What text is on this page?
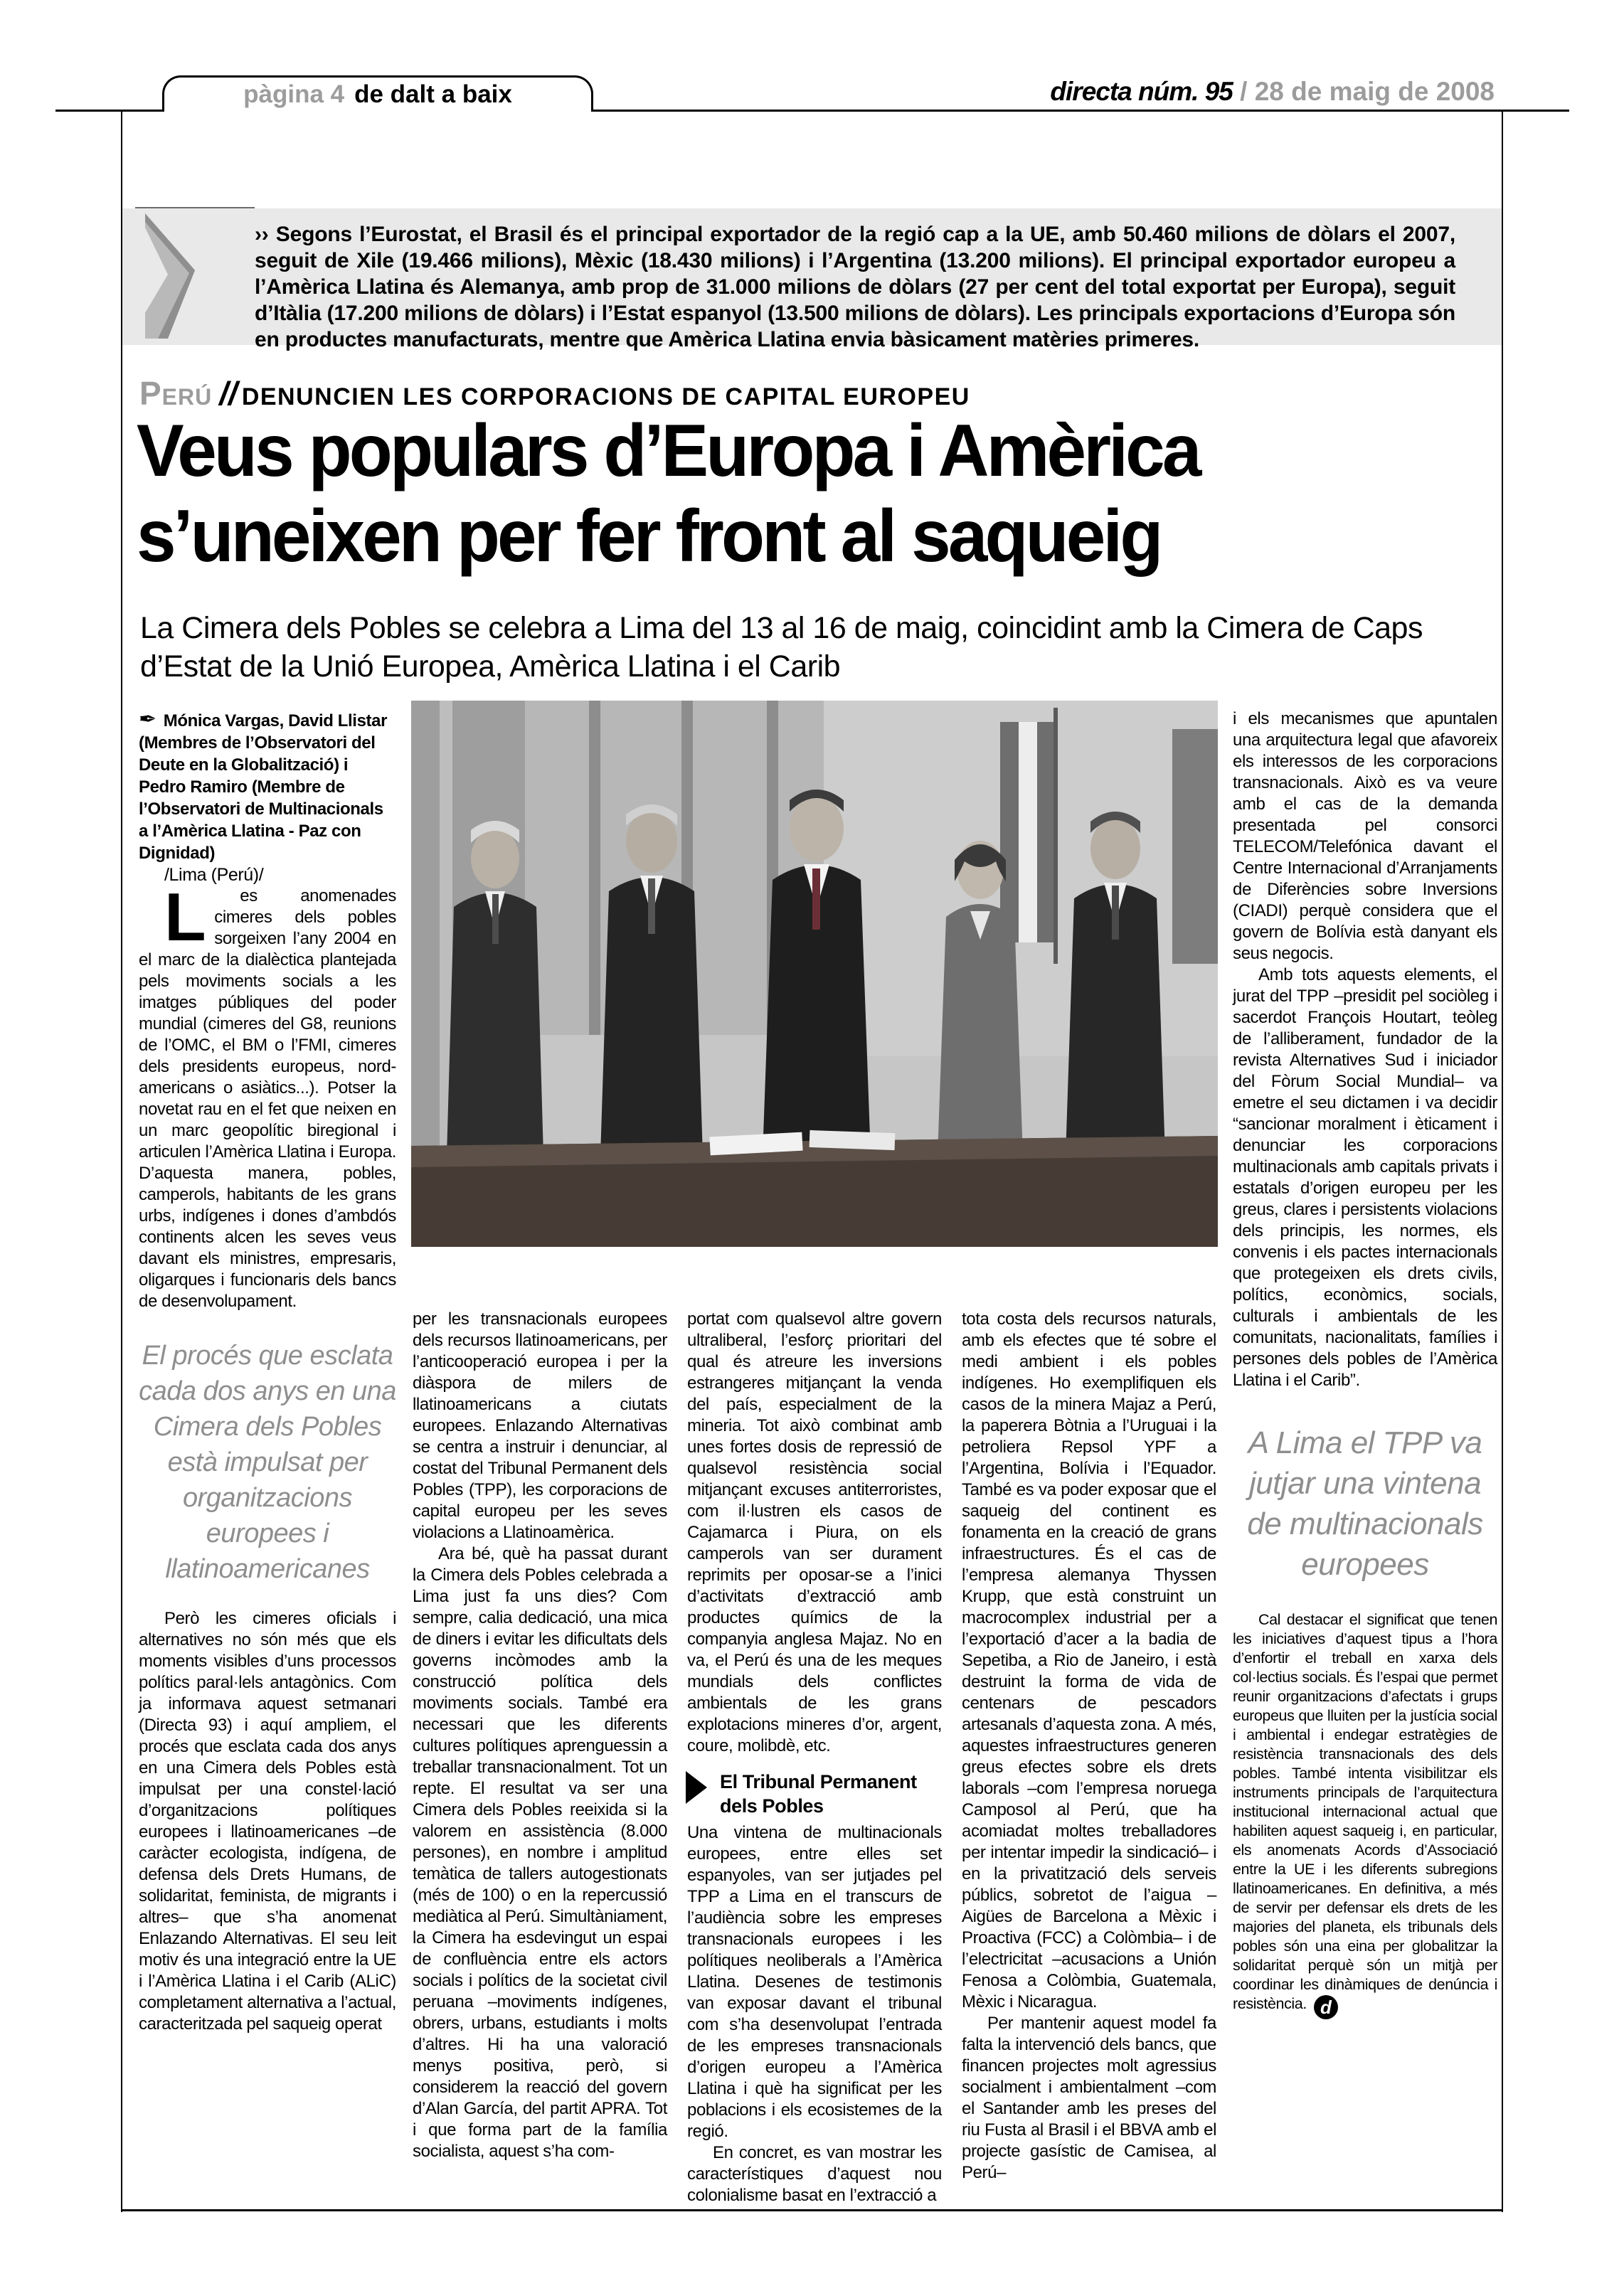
pàgina 4 de dalt a baix	directa núm. 95 / 28 de maig de 2008
›› Segons l’Eurostat, el Brasil és el principal exportador de la regió cap a la UE, amb 50.460 milions de dòlars el 2007, seguit de Xile (19.466 milions), Mèxic (18.430 milions) i l’Argentina (13.200 milions). El principal exportador europeu a l’Amèrica Llatina és Alemanya, amb prop de 31.000 milions de dòlars (27 per cent del total exportat per Europa), seguit d’Itàlia (17.200 milions de dòlars) i l’Estat espanyol (13.500 milions de dòlars). Les principals exportacions d’Europa són en productes manufacturats, mentre que Amèrica Llatina envia bàsicament matèries primeres.
Perú // DENUNCIEN LES CORPORACIONS DE CAPITAL EUROPEU
Veus populars d’Europa i Amèrica
s’uneixen per fer front al saqueig
La Cimera dels Pobles se celebra a Lima del 13 al 16 de maig, coincidint amb la Cimera de Caps d’Estat de la Unió Europea, Amèrica Llatina i el Carib

✒ Mónica Vargas, David Llistar (Membres de l’Observatori del Deute en la Globalització) i Pedro Ramiro (Membre de l’Observatori de Multinacionals a l’Amèrica Llatina - Paz con Dignidad)

/Lima (Perú)/

L	es anomenades cimeres dels pobles sorgeixen l’any 2004 en el marc de la dialèctica plantejada pels moviments socials a les imatges públiques del poder mundial (cimeres del G8, reunions de l’OMC, el BM o l’FMI, cimeres dels presidents europeus, nord-americans o asiàtics...). Potser la novetat rau en el fet que neixen en un marc geopolític biregional i articulen l’Amèrica Llatina i Europa. D’aquesta manera, pobles, camperols, habitants de les grans urbs, indígenes i dones d’ambdós continents alcen les seves veus davant els ministres, empresaris, oligarques i funcionaris dels bancs de desenvolupament.

El procés que esclata cada dos anys en una Cimera dels Pobles està impulsat per organitzacions europees i llatinoamericanes

Però les cimeres oficials i alternatives no són més que els moments visibles d’uns processos polítics paral·lels antagònics. Com ja informava aquest setmanari (Directa 93) i aquí ampliem, el procés que esclata cada dos anys en una Cimera dels Pobles està impulsat per una constel·lació d’organitzacions polítiques europees i llatinoamericanes –de caràcter ecologista, indígena, de defensa dels Drets Humans, de solidaritat, feminista, de migrants i altres– que s’ha anomenat Enlazando Alternativas. El seu leit motiv és una integració entre la UE i l’Amèrica Llatina i el Carib (ALiC) completament alternativa a l’actual, caracteritzada pel saqueig operat

per les transnacionals europees dels recursos llatinoamericans, per l’anticooperació europea i per la diàspora de milers de llatinoamericans a ciutats europees. Enlazando Alternativas se centra a instruir i denunciar, al costat del Tribunal Permanent dels Pobles (TPP), les corporacions de capital europeu per les seves violacions a Llatinoamèrica.

Ara bé, què ha passat durant la Cimera dels Pobles celebrada a Lima just fa uns dies? Com sempre, calia dedicació, una mica de diners i evitar les dificultats dels governs incòmodes amb la construcció política dels moviments socials. També era necessari que les diferents cultures polítiques aprenguessin a treballar transnacionalment. Tot un repte. El resultat va ser una Cimera dels Pobles reeixida si la valorem en assistència (8.000 persones), en nombre i amplitud temàtica de tallers autogestionats (més de 100) o en la repercussió mediàtica al Perú. Simultàniament, la Cimera ha esdevingut un espai de confluència entre els actors socials i polítics de la societat civil peruana –moviments indígenes, obrers, urbans, estudiants i molts d’altres. Hi ha una valoració menys positiva, però, si considerem la reacció del govern d’Alan García, del partit APRA. Tot i que forma part de la família socialista, aquest s’ha com-

portat com qualsevol altre govern ultraliberal, l’esforç prioritari del qual és atreure les inversions estrangeres mitjançant la venda del país, especialment de la mineria. Tot això combinat amb unes fortes dosis de repressió de qualsevol resistència social mitjançant excuses antiterroristes, com il·lustren els casos de Cajamarca i Piura, on els camperols van ser durament reprimits per oposar-se a l’inici d’activitats d’extracció amb productes químics de la companyia anglesa Majaz. No en va, el Perú és una de les meques mundials dels conflictes ambientals de les grans explotacions mineres d’or, argent, coure, molibdè, etc.

El Tribunal Permanent dels Pobles

Una vintena de multinacionals europees, entre elles set espanyoles, van ser jutjades pel TPP a Lima en el transcurs de l’audiència sobre les empreses transnacionals europees i les polítiques neoliberals a l’Amèrica Llatina. Desenes de testimonis van exposar davant el tribunal com s’ha desenvolupat l’entrada de les empreses transnacionals d’origen europeu a l’Amèrica Llatina i què ha significat per les poblacions i els ecosistemes de la regió.

En concret, es van mostrar les característiques d’aquest nou colonialisme basat en l’extracció a

tota costa dels recursos naturals, amb els efectes que té sobre el medi ambient i els pobles indígenes. Ho exemplifiquen els casos de la minera Majaz a Perú, la paperera Bòtnia a l’Uruguai i la petroliera Repsol YPF a l’Argentina, Bolívia i l’Equador. També es va poder exposar que el saqueig del continent es fonamenta en la creació de grans infraestructures. És el cas de l’empresa alemanya Thyssen Krupp, que està construint un macrocomplex industrial per a l’exportació d’acer a la badia de Sepetiba, a Rio de Janeiro, i està destruint la forma de vida de centenars de pescadors artesanals d’aquesta zona. A més, aquestes infraestructures generen greus efectes sobre els drets laborals –com l’empresa noruega Camposol al Perú, que ha acomiadat moltes treballadores per intentar impedir la sindicació– i en la privatització dels serveis públics, sobretot de l’aigua –Aigües de Barcelona a Mèxic i Proactiva (FCC) a Colòmbia– i de l’electricitat –acusacions a Unión Fenosa a Colòmbia, Guatemala, Mèxic i Nicaragua.

Per mantenir aquest model fa falta la intervenció dels bancs, que financen projectes molt agressius socialment i ambientalment –com el Santander amb les preses del riu Fusta al Brasil i el BBVA amb el projecte gasístic de Camisea, al Perú–

i els mecanismes que apuntalen una arquitectura legal que afavoreix els interessos de les corporacions transnacionals. Això es va veure amb el cas de la demanda presentada pel consorci TELECOM/Telefónica davant el Centre Internacional d’Arranjaments de Diferències sobre Inversions (CIADI) perquè considera que el govern de Bolívia està danyant els seus negocis.

Amb tots aquests elements, el jurat del TPP –presidit pel sociòleg i sacerdot François Houtart, teòleg de l’alliberament, fundador de la revista Alternatives Sud i iniciador del Fòrum Social Mundial– va emetre el seu dictamen i va decidir “sancionar moralment i èticament i denunciar les corporacions multinacionals amb capitals privats i estatals d’origen europeu per les greus, clares i persistents violacions dels principis, les normes, els convenis i els pactes internacionals que protegeixen els drets civils, polítics, econòmics, socials, culturals i ambientals de les comunitats, nacionalitats, famílies i persones dels pobles de l’Amèrica Llatina i el Carib”.

A Lima el TPP va jutjar una vintena de multinacionals europees

Cal destacar el significat que tenen les iniciatives d’aquest tipus a l’hora d’enfortir el treball en xarxa dels col·lectius socials. És l’espai que permet reunir organitzacions d’afectats i grups europeus que lluiten per la justícia social i ambiental i endegar estratègies de resistència transnacionals des dels pobles. També intenta visibilitzar els instruments principals de l’arquitectura institucional internacional actual que habiliten aquest saqueig i, en particular, els anomenats Acords d’Associació entre la UE i les diferents subregions llatinoamericanes. En definitiva, a més de servir per defensar els drets de les majories del planeta, els tribunals dels pobles són una eina per globalitzar la solidaritat perquè són un mitjà per coordinar les dinàmiques de denúncia i resistència. d
